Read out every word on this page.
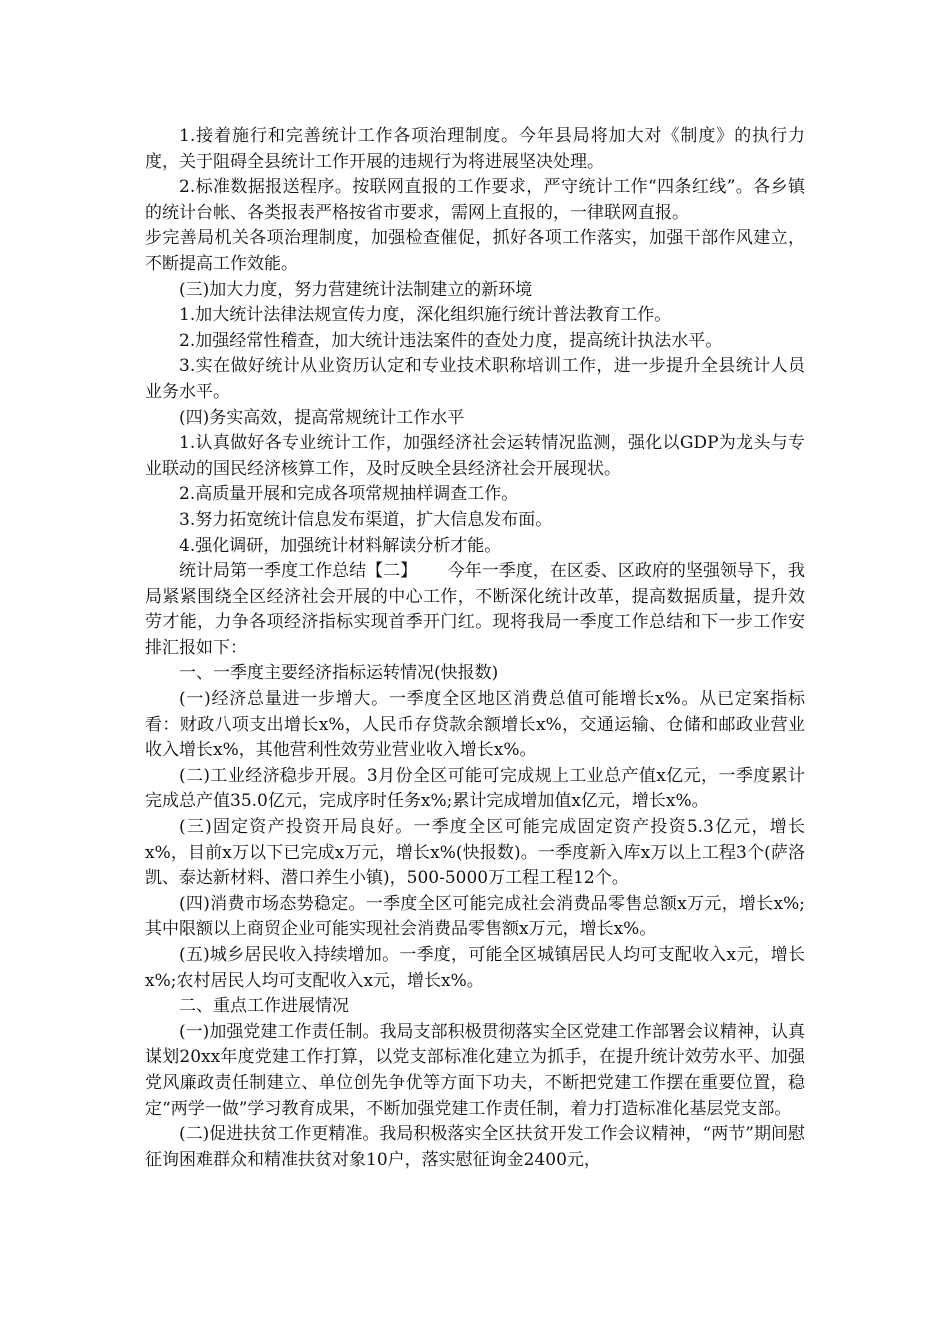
1.接着施行和完善统计工作各项治理制度。今年县局将加大对《制度》的执行力度，关于阻碍全县统计工作开展的违规行为将进展坚决处理。

2.标准数据报送程序。按联网直报的工作要求，严守统计工作“四条红线”。各乡镇的统计台帐、各类报表严格按省市要求，需网上直报的，一律联网直报。

步完善局机关各项治理制度，加强检查催促，抓好各项工作落实，加强干部作风建立，不断提高工作效能。

(三)加大力度，努力营建统计法制建立的新环境

1.加大统计法律法规宣传力度，深化组织施行统计普法教育工作。

2.加强经常性稽查，加大统计违法案件的查处力度，提高统计执法水平。

3.实在做好统计从业资历认定和专业技术职称培训工作，进一步提升全县统计人员业务水平。

(四)务实高效，提高常规统计工作水平

1.认真做好各专业统计工作，加强经济社会运转情况监测，强化以GDP为龙头与专业联动的国民经济核算工作，及时反映全县经济社会开展现状。

2.高质量开展和完成各项常规抽样调查工作。

3.努力拓宽统计信息发布渠道，扩大信息发布面。

4.强化调研，加强统计材料解读分析才能。

统计局第一季度工作总结【二】 今年一季度，在区委、区政府的坚强领导下，我局紧紧围绕全区经济社会开展的中心工作，不断深化统计改革，提高数据质量，提升效劳才能，力争各项经济指标实现首季开门红。现将我局一季度工作总结和下一步工作安排汇报如下：

一、一季度主要经济指标运转情况(快报数)

(一)经济总量进一步增大。一季度全区地区消费总值可能增长x%。从已定案指标看：财政八项支出增长x%，人民币存贷款余额增长x%，交通运输、仓储和邮政业营业收入增长x%，其他营利性效劳业营业收入增长x%。

(二)工业经济稳步开展。3月份全区可能可完成规上工业总产值x亿元，一季度累计完成总产值35.0亿元，完成序时任务x%;累计完成增加值x亿元，增长x%。

(三)固定资产投资开局良好。一季度全区可能完成固定资产投资5.3亿元，增长x%，目前x万以下已完成x万元，增长x%(快报数)。一季度新入库x万以上工程3个(萨洛凯、泰达新材料、潜口养生小镇)，500-5000万工程工程12个。

(四)消费市场态势稳定。一季度全区可能完成社会消费品零售总额x万元，增长x%;其中限额以上商贸企业可能实现社会消费品零售额x万元，增长x%。

(五)城乡居民收入持续增加。一季度，可能全区城镇居民人均可支配收入x元，增长x%;农村居民人均可支配收入x元，增长x%。

二、重点工作进展情况

(一)加强党建工作责任制。我局支部积极贯彻落实全区党建工作部署会议精神，认真谋划20xx年度党建工作打算，以党支部标准化建立为抓手，在提升统计效劳水平、加强党风廉政责任制建立、单位创先争优等方面下功夫，不断把党建工作摆在重要位置，稳定“两学一做”学习教育成果，不断加强党建工作责任制，着力打造标准化基层党支部。

(二)促进扶贫工作更精准。我局积极落实全区扶贫开发工作会议精神，“两节”期间慰征询困难群众和精准扶贫对象10户，落实慰征询金2400元，
